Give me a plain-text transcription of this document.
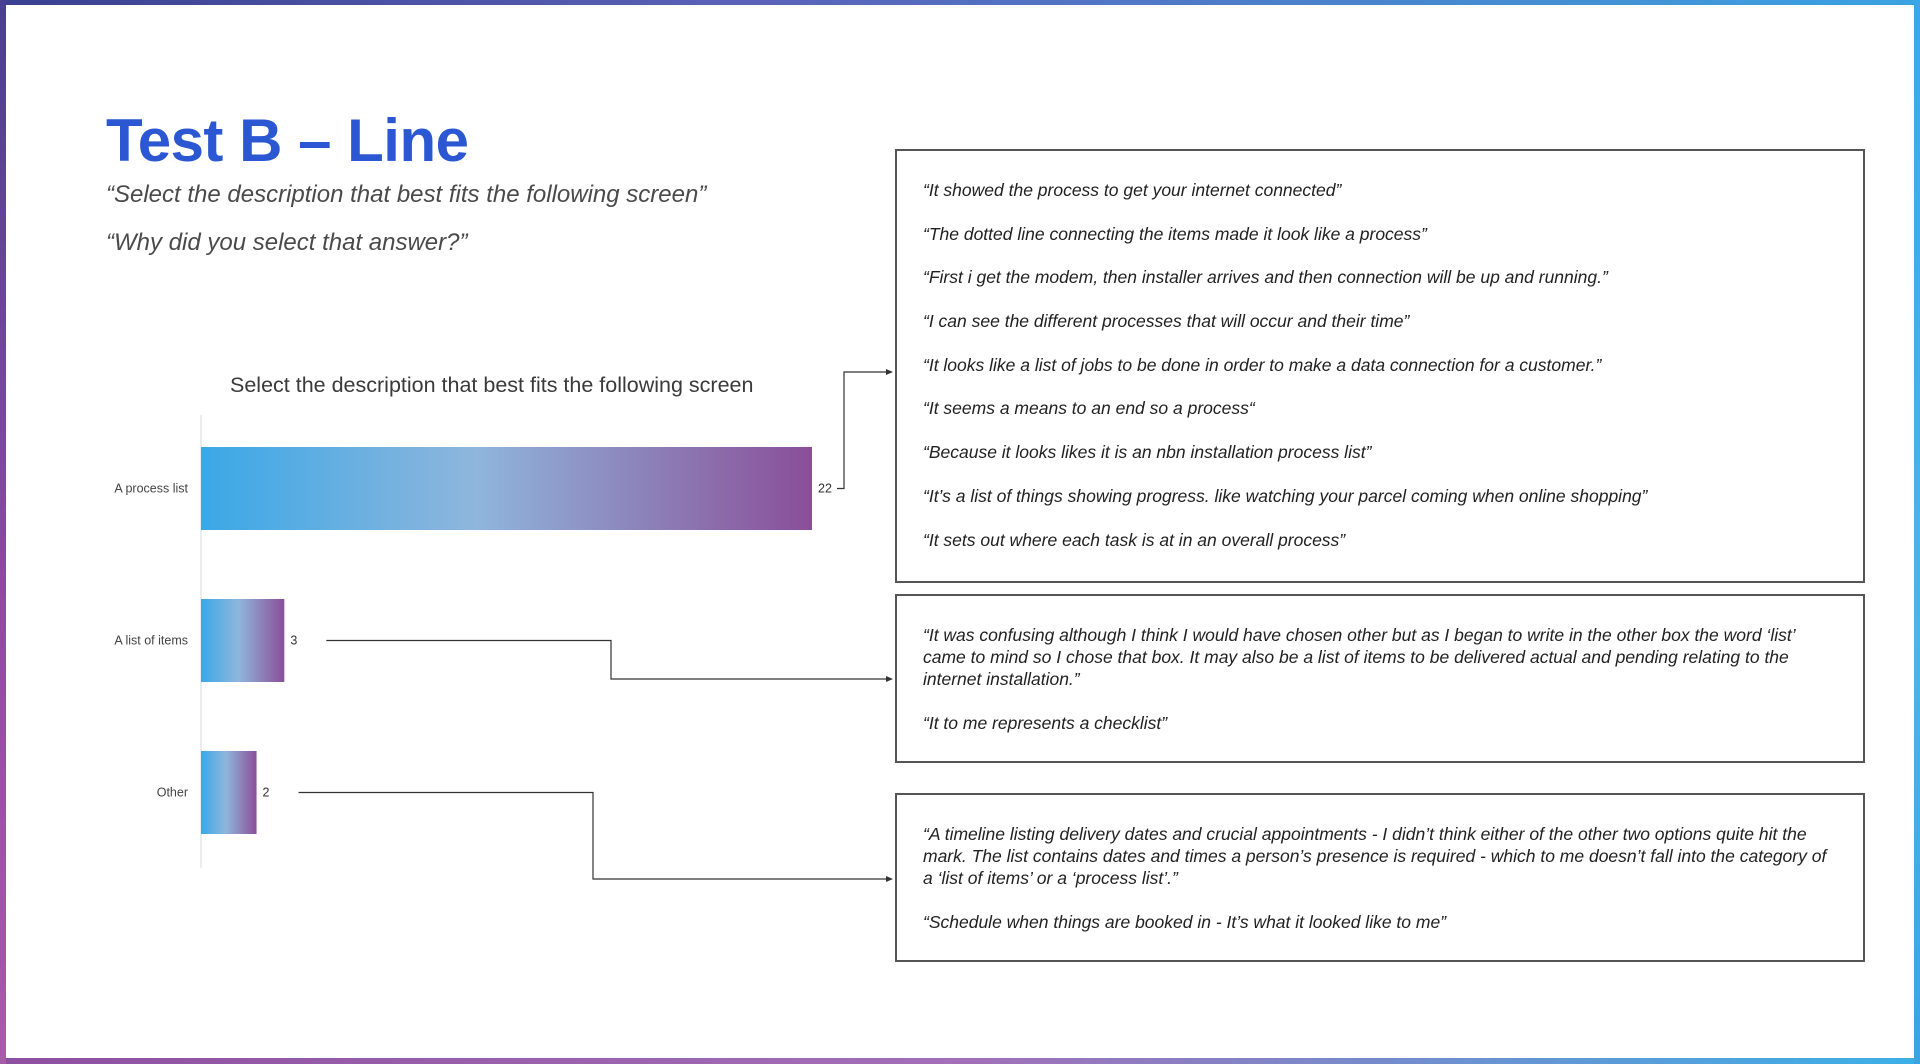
Test B – Line
“Select the description that best fits the following screen”
“Why did you select that answer?”
Select the description that best fits the following screen
A process list	22
A list of items	3
Other	2

“It showed the process to get your internet connected”

“The dotted line connecting the items made it look like a process”

“First i get the modem, then installer arrives and then connection will be up and running.”

“I can see the different processes that will occur and their time”

“It looks like a list of jobs to be done in order to make a data connection for a customer.”

“It seems a means to an end so a process“

“Because it looks likes it is an nbn installation process list”

“It’s a list of things showing progress. like watching your parcel coming when online shopping”

“It sets out where each task is at in an overall process”

“It was confusing although I think I would have chosen other but as I began to write in the other box the word ‘list’ came to mind so I chose that box. It may also be a list of items to be delivered actual and pending relating to the internet installation.”

“It to me represents a checklist”

“A timeline listing delivery dates and crucial appointments - I didn’t think either of the other two options quite hit the mark. The list contains dates and times a person’s presence is required - which to me doesn’t fall into the category of a ‘list of items’ or a ‘process list’.”

“Schedule when things are booked in - It’s what it looked like to me”
